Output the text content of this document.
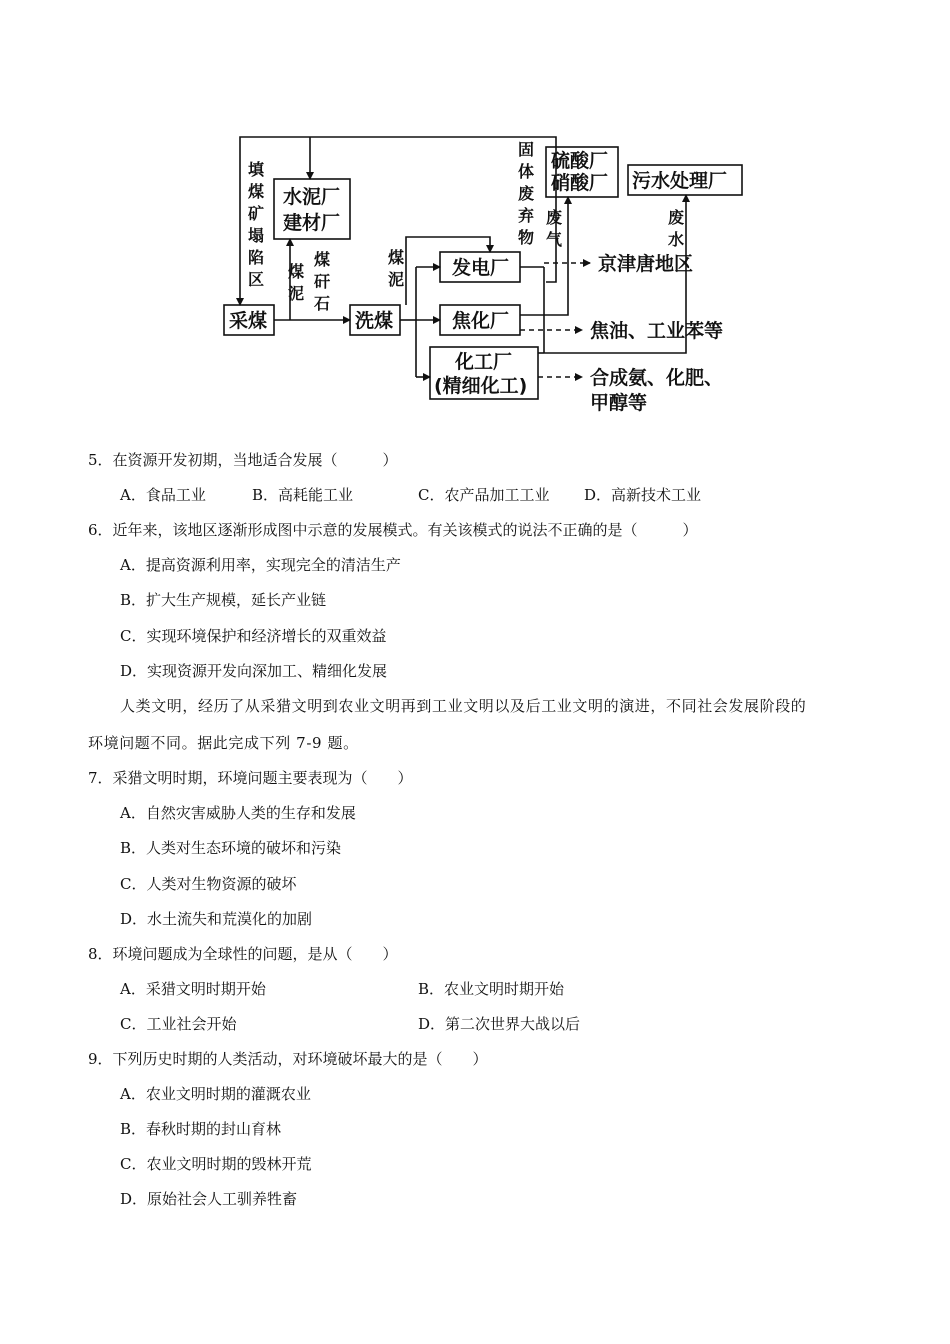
采煤	洗煤
水泥厂
建材厂
发电厂
焦化厂
化工厂
(精细化工)
硫酸厂
硝酸厂 污水处理厂
填
煤
矿
塌
陷
区 煤
泥
煤
矸
石
煤
泥
固
体
废
弃
物
废
气
废
水
京津唐地区
焦油、工业苯等
合成氨、化肥、
甲醇等
5．在资源开发初期，当地适合发展（　　　）
A．食品工业	B．高耗能工业	C．农产品加工工业 D．高新技术工业
6．近年来，该地区逐渐形成图中示意的发展模式。有关该模式的说法不正确的是（　　　）
A．提高资源利用率，实现完全的清洁生产
B．扩大生产规模，延长产业链
C．实现环境保护和经济增长的双重效益
D．实现资源开发向深加工、精细化发展
人类文明，经历了从采猎文明到农业文明再到工业文明以及后工业文明的演进，不同社会发展阶段的
环境问题不同。据此完成下列 7-9 题。
7．采猎文明时期，环境问题主要表现为（　　）
A．自然灾害威胁人类的生存和发展
B．人类对生态环境的破坏和污染
C．人类对生物资源的破坏
D．水土流失和荒漠化的加剧
8．环境问题成为全球性的问题，是从（　　）
A．采猎文明时期开始	B．农业文明时期开始
C．工业社会开始	D．第二次世界大战以后
9．下列历史时期的人类活动，对环境破坏最大的是（　　）
A．农业文明时期的灌溉农业
B．春秋时期的封山育林
C．农业文明时期的毁林开荒
D．原始社会人工驯养牲畜
